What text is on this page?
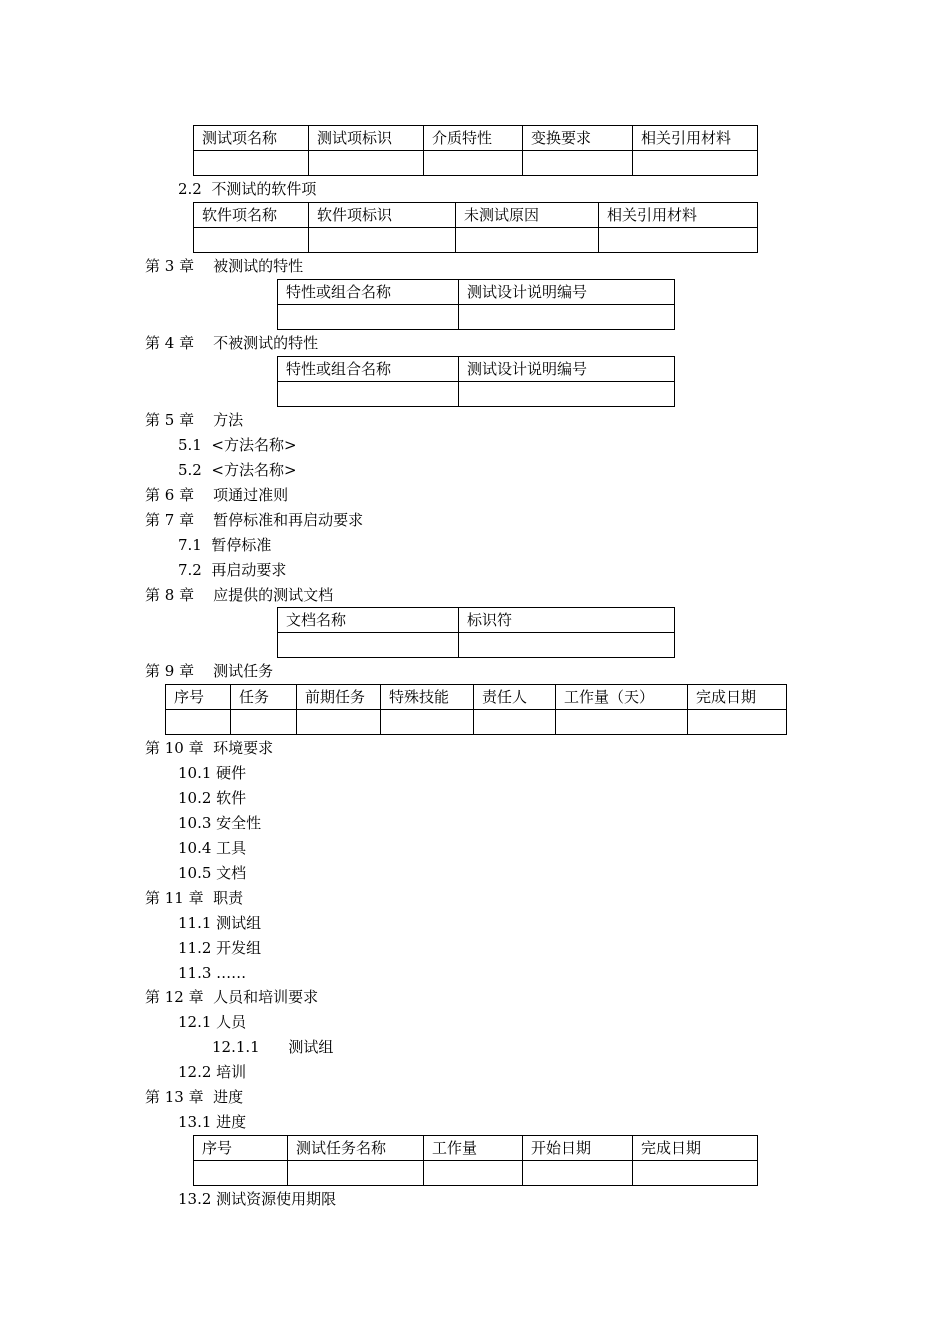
测试项名称	测试项标识	介质特性	变换要求	相关引用材料

2.2 不测试的软件项
软件项名称	软件项标识	未测试原因	相关引用材料

第 3 章 被测试的特性
特性或组合名称	测试设计说明编号

第 4 章 不被测试的特性
特性或组合名称	测试设计说明编号

第 5 章 方法
5.1 <方法名称>
5.2 <方法名称>
第 6 章 项通过准则
第 7 章 暂停标准和再启动要求
7.1 暂停标准
7.2 再启动要求
第 8 章 应提供的测试文档
文档名称	标识符

第 9 章 测试任务
序号	任务	前期任务	特殊技能	责任人	工作量（天）	完成日期

第 10 章 环境要求
10.1 硬件
10.2 软件
10.3 安全性
10.4 工具
10.5 文档
第 11 章 职责
11.1 测试组
11.2 开发组
11.3 ……
第 12 章 人员和培训要求
12.1 人员
12.1.1 测试组
12.2 培训
第 13 章 进度
13.1 进度
序号	测试任务名称	工作量	开始日期	完成日期

13.2 测试资源使用期限
